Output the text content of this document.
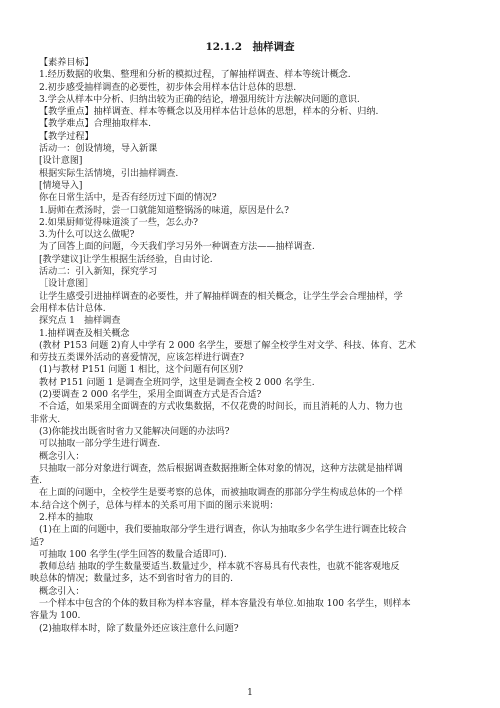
12.1.2　抽样调查
【素养目标】
1.经历数据的收集、整理和分析的模拟过程，了解抽样调查、样本等统计概念.
2.初步感受抽样调查的必要性，初步体会用样本估计总体的思想.
3.学会从样本中分析、归纳出较为正确的结论，增强用统计方法解决问题的意识.
【教学重点】抽样调查、样本等概念以及用样本估计总体的思想，样本的分析、归纳.
【教学难点】合理抽取样本.
【教学过程】
活动一：创设情境，导入新课
[设计意图]
根据实际生活情境，引出抽样调查.
[情境导入]
你在日常生活中，是否有经历过下面的情况?
1.厨师在煮汤时，尝一口就能知道整锅汤的味道，原因是什么?
2.如果厨师觉得味道淡了一些，怎么办?
3.为什么可以这么做呢?
为了回答上面的问题，今天我们学习另外一种调查方法——抽样调查.
[教学建议]让学生根据生活经验，自由讨论.
活动二：引入新知，探究学习
［设计意图］
让学生感受引进抽样调查的必要性，并了解抽样调查的相关概念，让学生学会合理抽样，学
会用样本估计总体.
探究点 1　抽样调查
1.抽样调查及相关概念
(教材 P153 问题 2)育人中学有 2 000 名学生，要想了解全校学生对文学、科技、体育、艺术
和劳技五类课外活动的喜爱情况，应该怎样进行调查?
(1)与教材 P151 问题 1 相比，这个问题有何区别?
教材 P151 问题 1 是调查全班同学，这里是调查全校 2 000 名学生.
(2)要调查 2 000 名学生，采用全面调查方式是否合适?
不合适，如果采用全面调查的方式收集数据，不仅花费的时间长，而且消耗的人力、物力也
非常大.
(3)你能找出既省时省力又能解决问题的办法吗?
可以抽取一部分学生进行调查.
概念引入：
只抽取一部分对象进行调查，然后根据调查数据推断全体对象的情况，这种方法就是抽样调
查.
在上面的问题中，全校学生是要考察的总体，而被抽取调查的那部分学生构成总体的一个样
本.结合这个例子，总体与样本的关系可用下面的图示来说明：
2.样本的抽取
(1)在上面的问题中，我们要抽取部分学生进行调查，你认为抽取多少名学生进行调查比较合
适?
可抽取 100 名学生(学生回答的数量合适即可).
教师总结 抽取的学生数量要适当.数量过少，样本就不容易具有代表性，也就不能客观地反
映总体的情况；数量过多，达不到省时省力的目的.
概念引入：
一个样本中包含的个体的数目称为样本容量，样本容量没有单位.如抽取 100 名学生，则样本
容量为 100.
(2)抽取样本时，除了数量外还应该注意什么问题?
1
